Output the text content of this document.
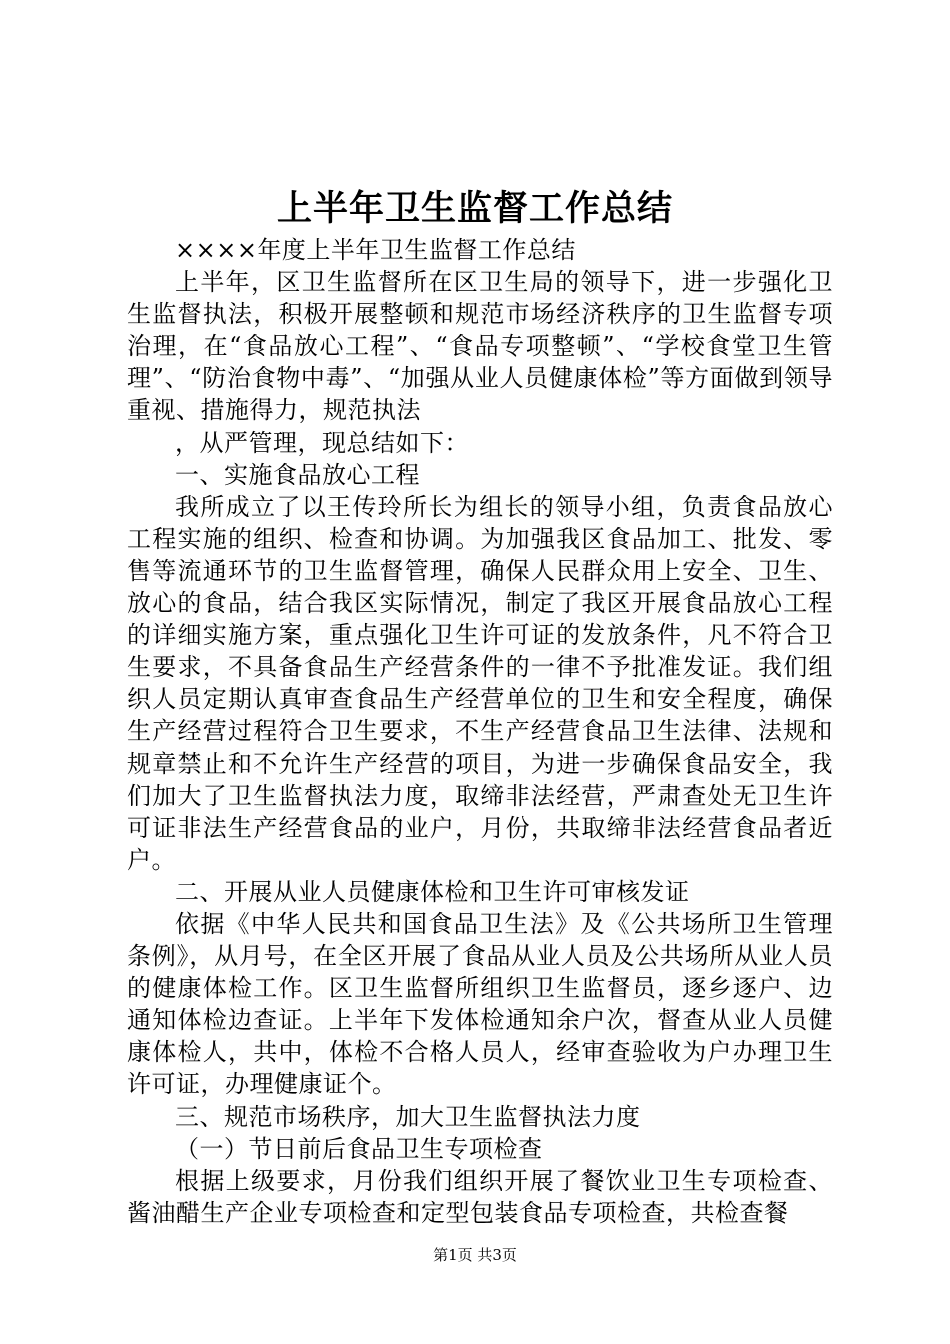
上半年卫生监督工作总结

××××年度上半年卫生监督工作总结

上半年，区卫生监督所在区卫生局的领导下，进一步强化卫生监督执法，积极开展整顿和规范市场经济秩序的卫生监督专项治理，在“食品放心工程”、“食品专项整顿”、“学校食堂卫生管理”、“防治食物中毒”、“加强从业人员健康体检”等方面做到领导重视、措施得力，规范执法

，从严管理，现总结如下：

一、实施食品放心工程

我所成立了以王传玲所长为组长的领导小组，负责食品放心工程实施的组织、检查和协调。为加强我区食品加工、批发、零售等流通环节的卫生监督管理，确保人民群众用上安全、卫生、放心的食品，结合我区实际情况，制定了我区开展食品放心工程的详细实施方案，重点强化卫生许可证的发放条件，凡不符合卫生要求，不具备食品生产经营条件的一律不予批准发证。我们组织人员定期认真审查食品生产经营单位的卫生和安全程度，确保生产经营过程符合卫生要求，不生产经营食品卫生法律、法规和规章禁止和不允许生产经营的项目，为进一步确保食品安全，我们加大了卫生监督执法力度，取缔非法经营，严肃查处无卫生许可证非法生产经营食品的业户，月份，共取缔非法经营食品者近户。

二、开展从业人员健康体检和卫生许可审核发证

依据《中华人民共和国食品卫生法》及《公共场所卫生管理条例》，从月号，在全区开展了食品从业人员及公共场所从业人员的健康体检工作。区卫生监督所组织卫生监督员，逐乡逐户、边通知体检边查证。上半年下发体检通知余户次，督查从业人员健康体检人，共中，体检不合格人员人，经审查验收为户办理卫生许可证，办理健康证个。

三、规范市场秩序，加大卫生监督执法力度

（一）节日前后食品卫生专项检查

根据上级要求，月份我们组织开展了餐饮业卫生专项检查、酱油醋生产企业专项检查和定型包装食品专项检查，共检查餐

第1页 共3页
